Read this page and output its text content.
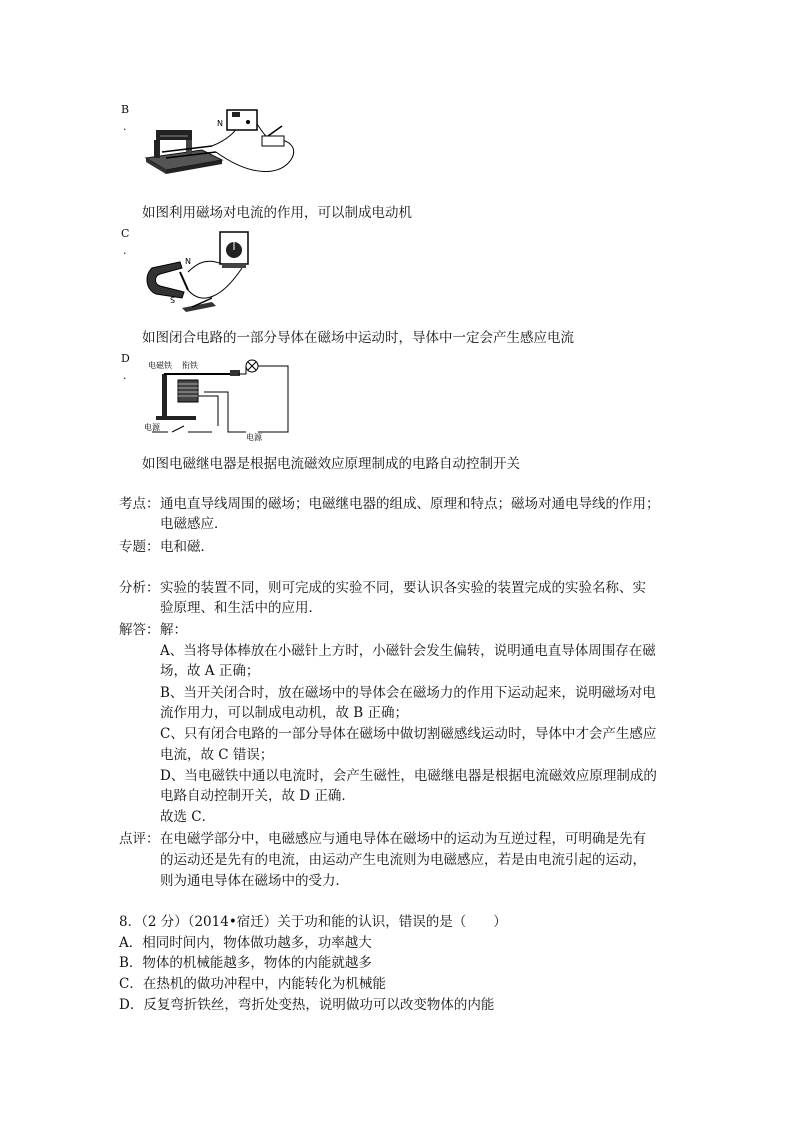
B
.	N
如图利用磁场对电流的作用，可以制成电动机
C
.
N
S
如图闭合电路的一部分导体在磁场中运动时，导体中一定会产生感应电流
D
.
电磁铁 衔铁
电源
电源
如图电磁继电器是根据电流磁效应原理制成的电路自动控制开关
考点： 通电直导线周围的磁场；电磁继电器的组成、原理和特点；磁场对通电导线的作用；
电磁感应．
专题： 电和磁．
分析： 实验的装置不同，则可完成的实验不同，要认识各实验的装置完成的实验名称、实
验原理、和生活中的应用．
解答： 解：
A、当将导体棒放在小磁针上方时，小磁针会发生偏转，说明通电直导体周围存在磁
场，故 A 正确；
B、当开关闭合时，放在磁场中的导体会在磁场力的作用下运动起来，说明磁场对电
流作用力，可以制成电动机，故 B 正确；
C、只有闭合电路的一部分导体在磁场中做切割磁感线运动时，导体中才会产生感应
电流，故 C 错误；
D、当电磁铁中通以电流时，会产生磁性，电磁继电器是根据电流磁效应原理制成的
电路自动控制开关，故 D 正确．
故选 C．
点评： 在电磁学部分中，电磁感应与通电导体在磁场中的运动为互逆过程，可明确是先有
的运动还是先有的电流，由运动产生电流则为电磁感应，若是由电流引起的运动，
则为通电导体在磁场中的受力．
8．（2 分）（2014•宿迁）关于功和能的认识，错误的是（　　）
A．相同时间内，物体做功越多，功率越大
B．物体的机械能越多，物体的内能就越多
C．在热机的做功冲程中，内能转化为机械能
D．反复弯折铁丝，弯折处变热，说明做功可以改变物体的内能
